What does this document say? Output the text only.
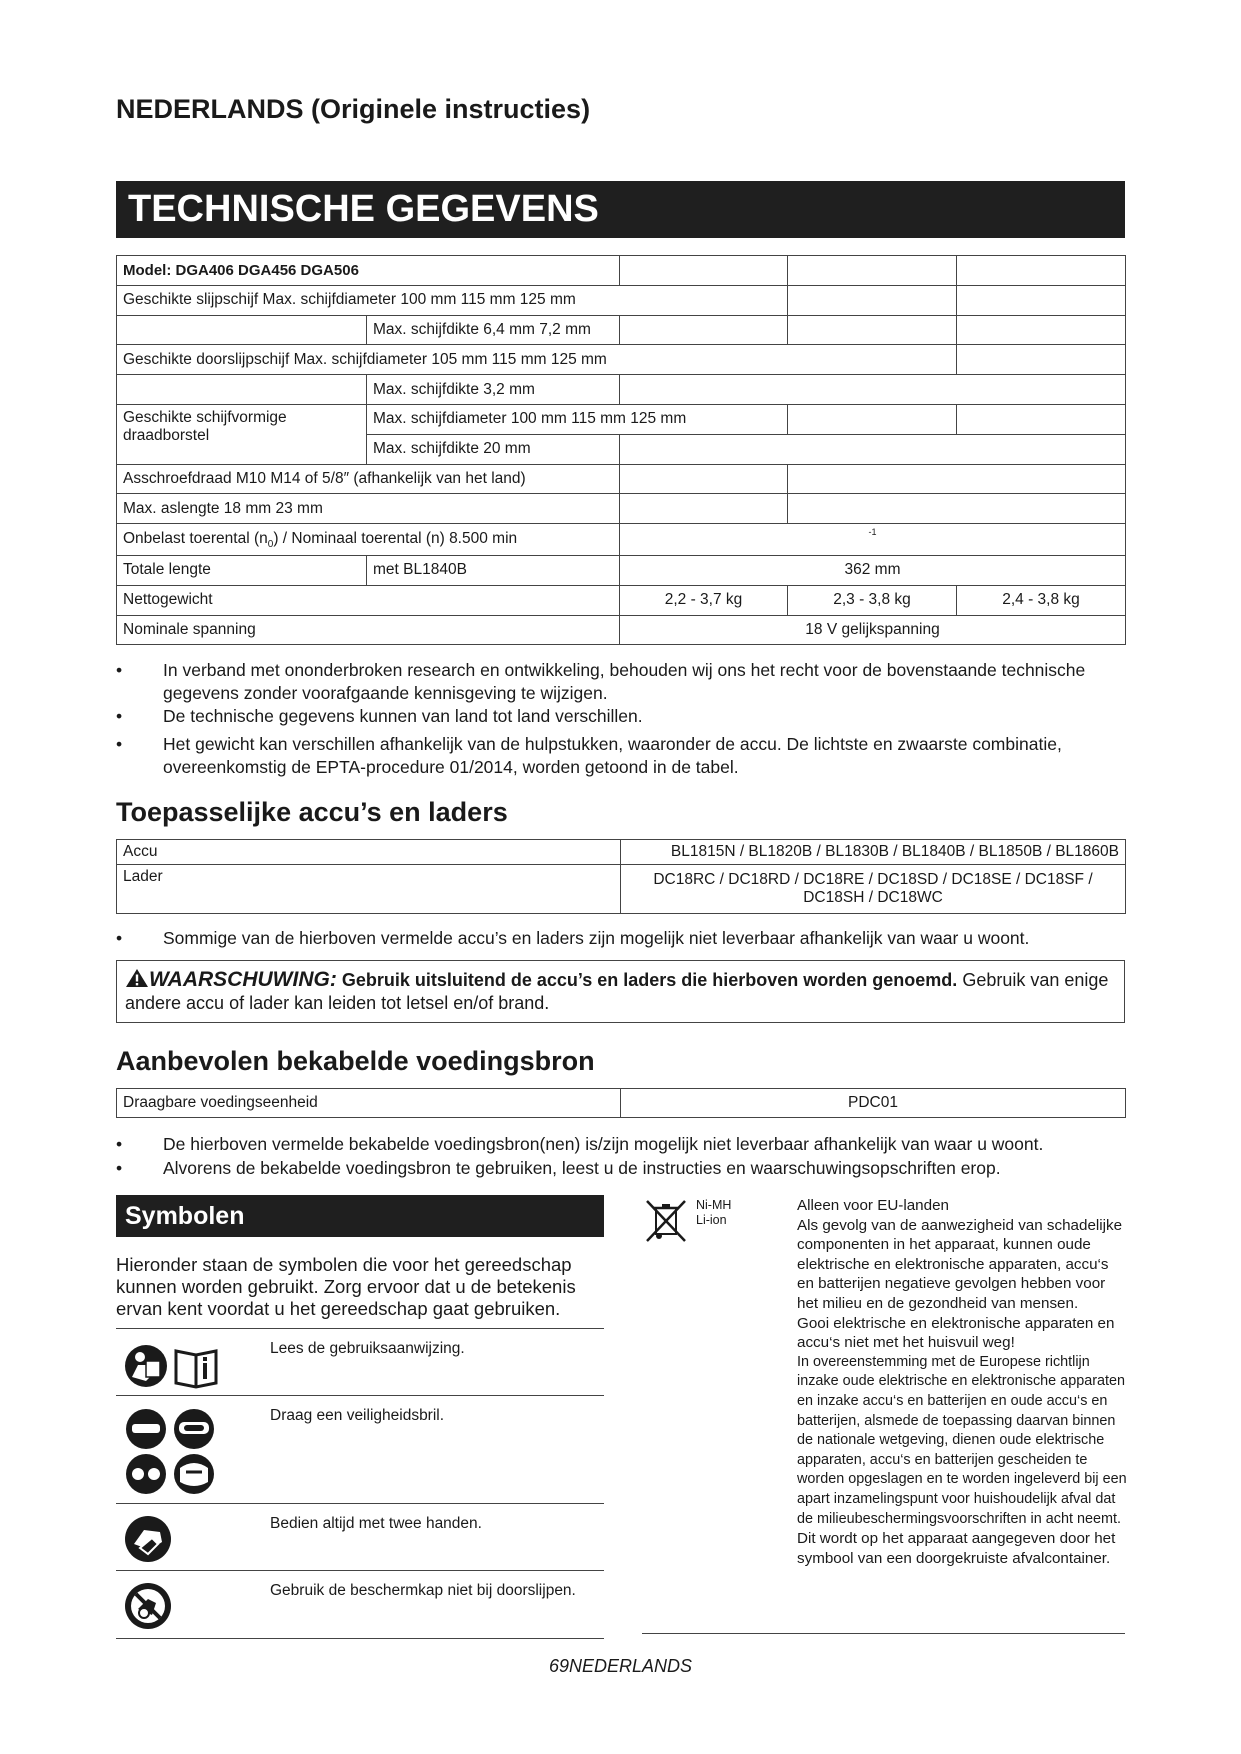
NEDERLANDS (Originele instructies)
TECHNISCHE GEGEVENS
Model: DGA406 DGA456 DGA506				
Geschikte slijpschijf Max. schijfdiameter 100 mm 115 mm 125 mm				
	Max. schijfdikte 6,4 mm 7,2 mm			
Geschikte doorslijpschijf Max. schijfdiameter 105 mm 115 mm 125 mm				
	Max. schijfdikte 3,2 mm			
Geschikte schijfvormige draadborstel	Max. schijfdiameter 100 mm 115 mm 125 mm			
	Max. schijfdikte 20 mm			
Asschroefdraad M10 M14 of 5/8″ (afhankelijk van het land)				
Max. aslengte 18 mm 23 mm				
Onbelast toerental $(n_0)$ / Nominaal toerental (n) 8.500 min		$^{-1}$
Totale lengte	met BL1840B	362 mm		
Nettogewicht		2,2 - 3,7 kg	2,3 - 3,8 kg	2,4 - 3,8 kg
Nominale spanning		18 V gelijkspanning		
• In verband met ononderbroken research en ontwikkeling, behouden wij ons het recht voor de bovenstaande technische gegevens zonder voorafgaande kennisgeving te wijzigen.
• De technische gegevens kunnen van land tot land verschillen.
• Het gewicht kan verschillen afhankelijk van de hulpstukken, waaronder de accu. De lichtste en zwaarste combinatie, overeenkomstig de EPTA-procedure 01/2014, worden getoond in de tabel.
Toepasselijke accu’s en laders
Accu	BL1815N / BL1820B / BL1830B / BL1840B / BL1850B / BL1860B
Lader	DC18RC / DC18RD / DC18RE / DC18SD / DC18SE / DC18SF / DC18SH / DC18WC
• Sommige van de hierboven vermelde accu’s en laders zijn mogelijk niet leverbaar afhankelijk van waar u woont.
WAARSCHUWING: Gebruik uitsluitend de accu’s en laders die hierboven worden genoemd. Gebruik van enige andere accu of lader kan leiden tot letsel en/of brand.
Aanbevolen bekabelde voedingsbron
Draagbare voedingseenheid	PDC01
• De hierboven vermelde bekabelde voedingsbron(nen) is/zijn mogelijk niet leverbaar afhankelijk van waar u woont.
• Alvorens de bekabelde voedingsbron te gebruiken, leest u de instructies en waarschuwingsopschriften erop.
Symbolen
Hieronder staan de symbolen die voor het gereedschap kunnen worden gebruikt. Zorg ervoor dat u de betekenis ervan kent voordat u het gereedschap gaat gebruiken.
Lees de gebruiksaanwijzing.
Draag een veiligheidsbril.
Bedien altijd met twee handen.
Gebruik de beschermkap niet bij doorslijpen.
Ni-MH
Li-ion
Alleen voor EU-landen
Als gevolg van de aanwezigheid van schadelijke componenten in het apparaat, kunnen oude elektrische en elektronische apparaten, accu‘s en batterijen negatieve gevolgen hebben voor het milieu en de gezondheid van mensen.
Gooi elektrische en elektronische apparaten en accu‘s niet met het huisvuil weg!
In overeenstemming met de Europese richtlijn inzake oude elektrische en elektronische apparaten en inzake accu‘s en batterijen en oude accu‘s en batterijen, alsmede de toepassing daarvan binnen de nationale wetgeving, dienen oude elektrische apparaten, accu‘s en batterijen gescheiden te worden opgeslagen en te worden ingeleverd bij een apart inzamelingspunt voor huishoudelijk afval dat de milieubeschermingsvoorschriften in acht neemt.
Dit wordt op het apparaat aangegeven door het symbool van een doorgekruiste afvalcontainer.
69NEDERLANDS
